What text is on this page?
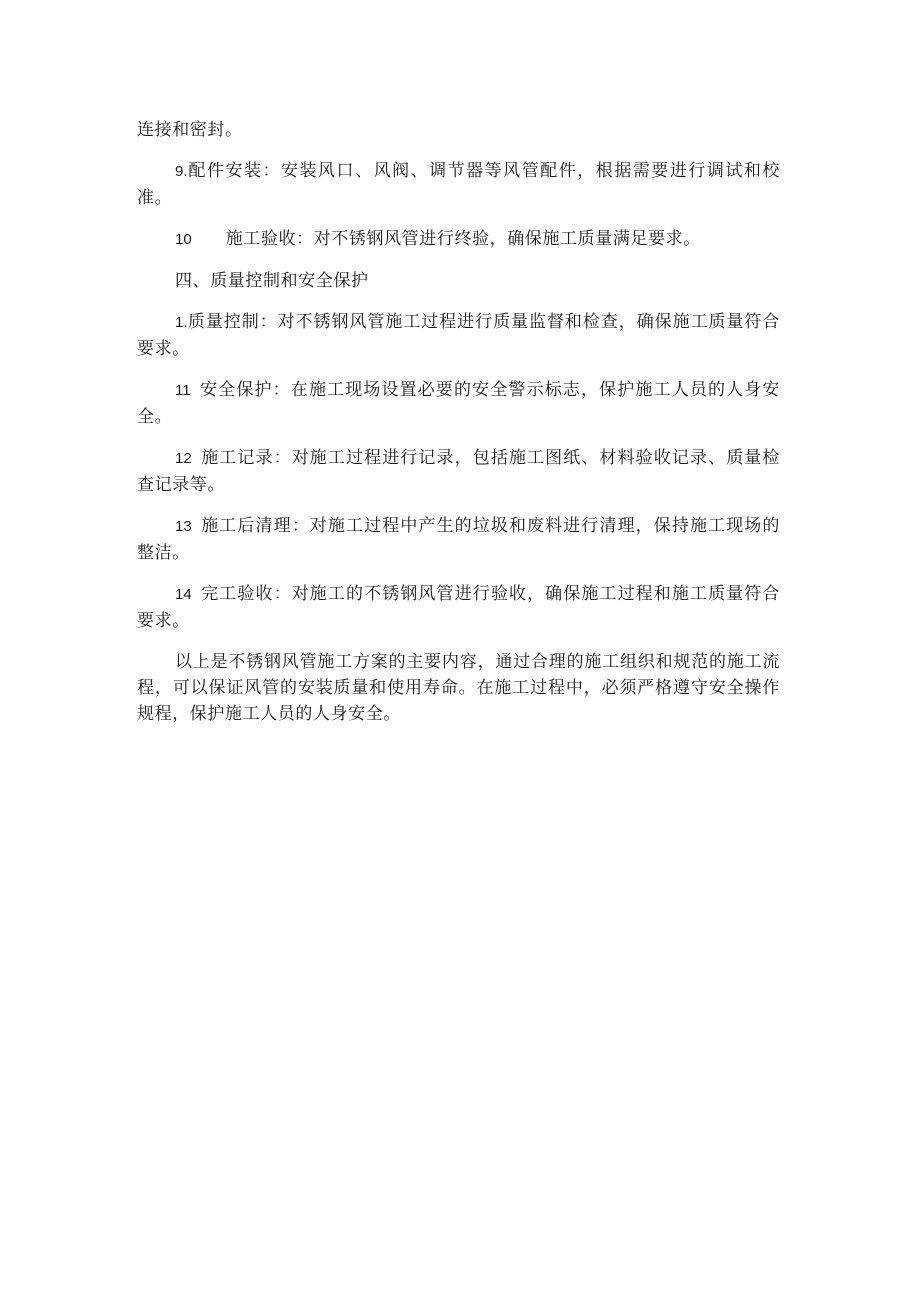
连接和密封。

9.配件安装：安装风口、风阀、调节器等风管配件，根据需要进行调试和校准。

10 施工验收：对不锈钢风管进行终验，确保施工质量满足要求。

四、质量控制和安全保护

1.质量控制：对不锈钢风管施工过程进行质量监督和检查，确保施工质量符合要求。

11 安全保护：在施工现场设置必要的安全警示标志，保护施工人员的人身安全。

12 施工记录：对施工过程进行记录，包括施工图纸、材料验收记录、质量检查记录等。

13 施工后清理：对施工过程中产生的垃圾和废料进行清理，保持施工现场的整洁。

14 完工验收：对施工的不锈钢风管进行验收，确保施工过程和施工质量符合要求。

以上是不锈钢风管施工方案的主要内容，通过合理的施工组织和规范的施工流程，可以保证风管的安装质量和使用寿命。在施工过程中，必须严格遵守安全操作规程，保护施工人员的人身安全。
